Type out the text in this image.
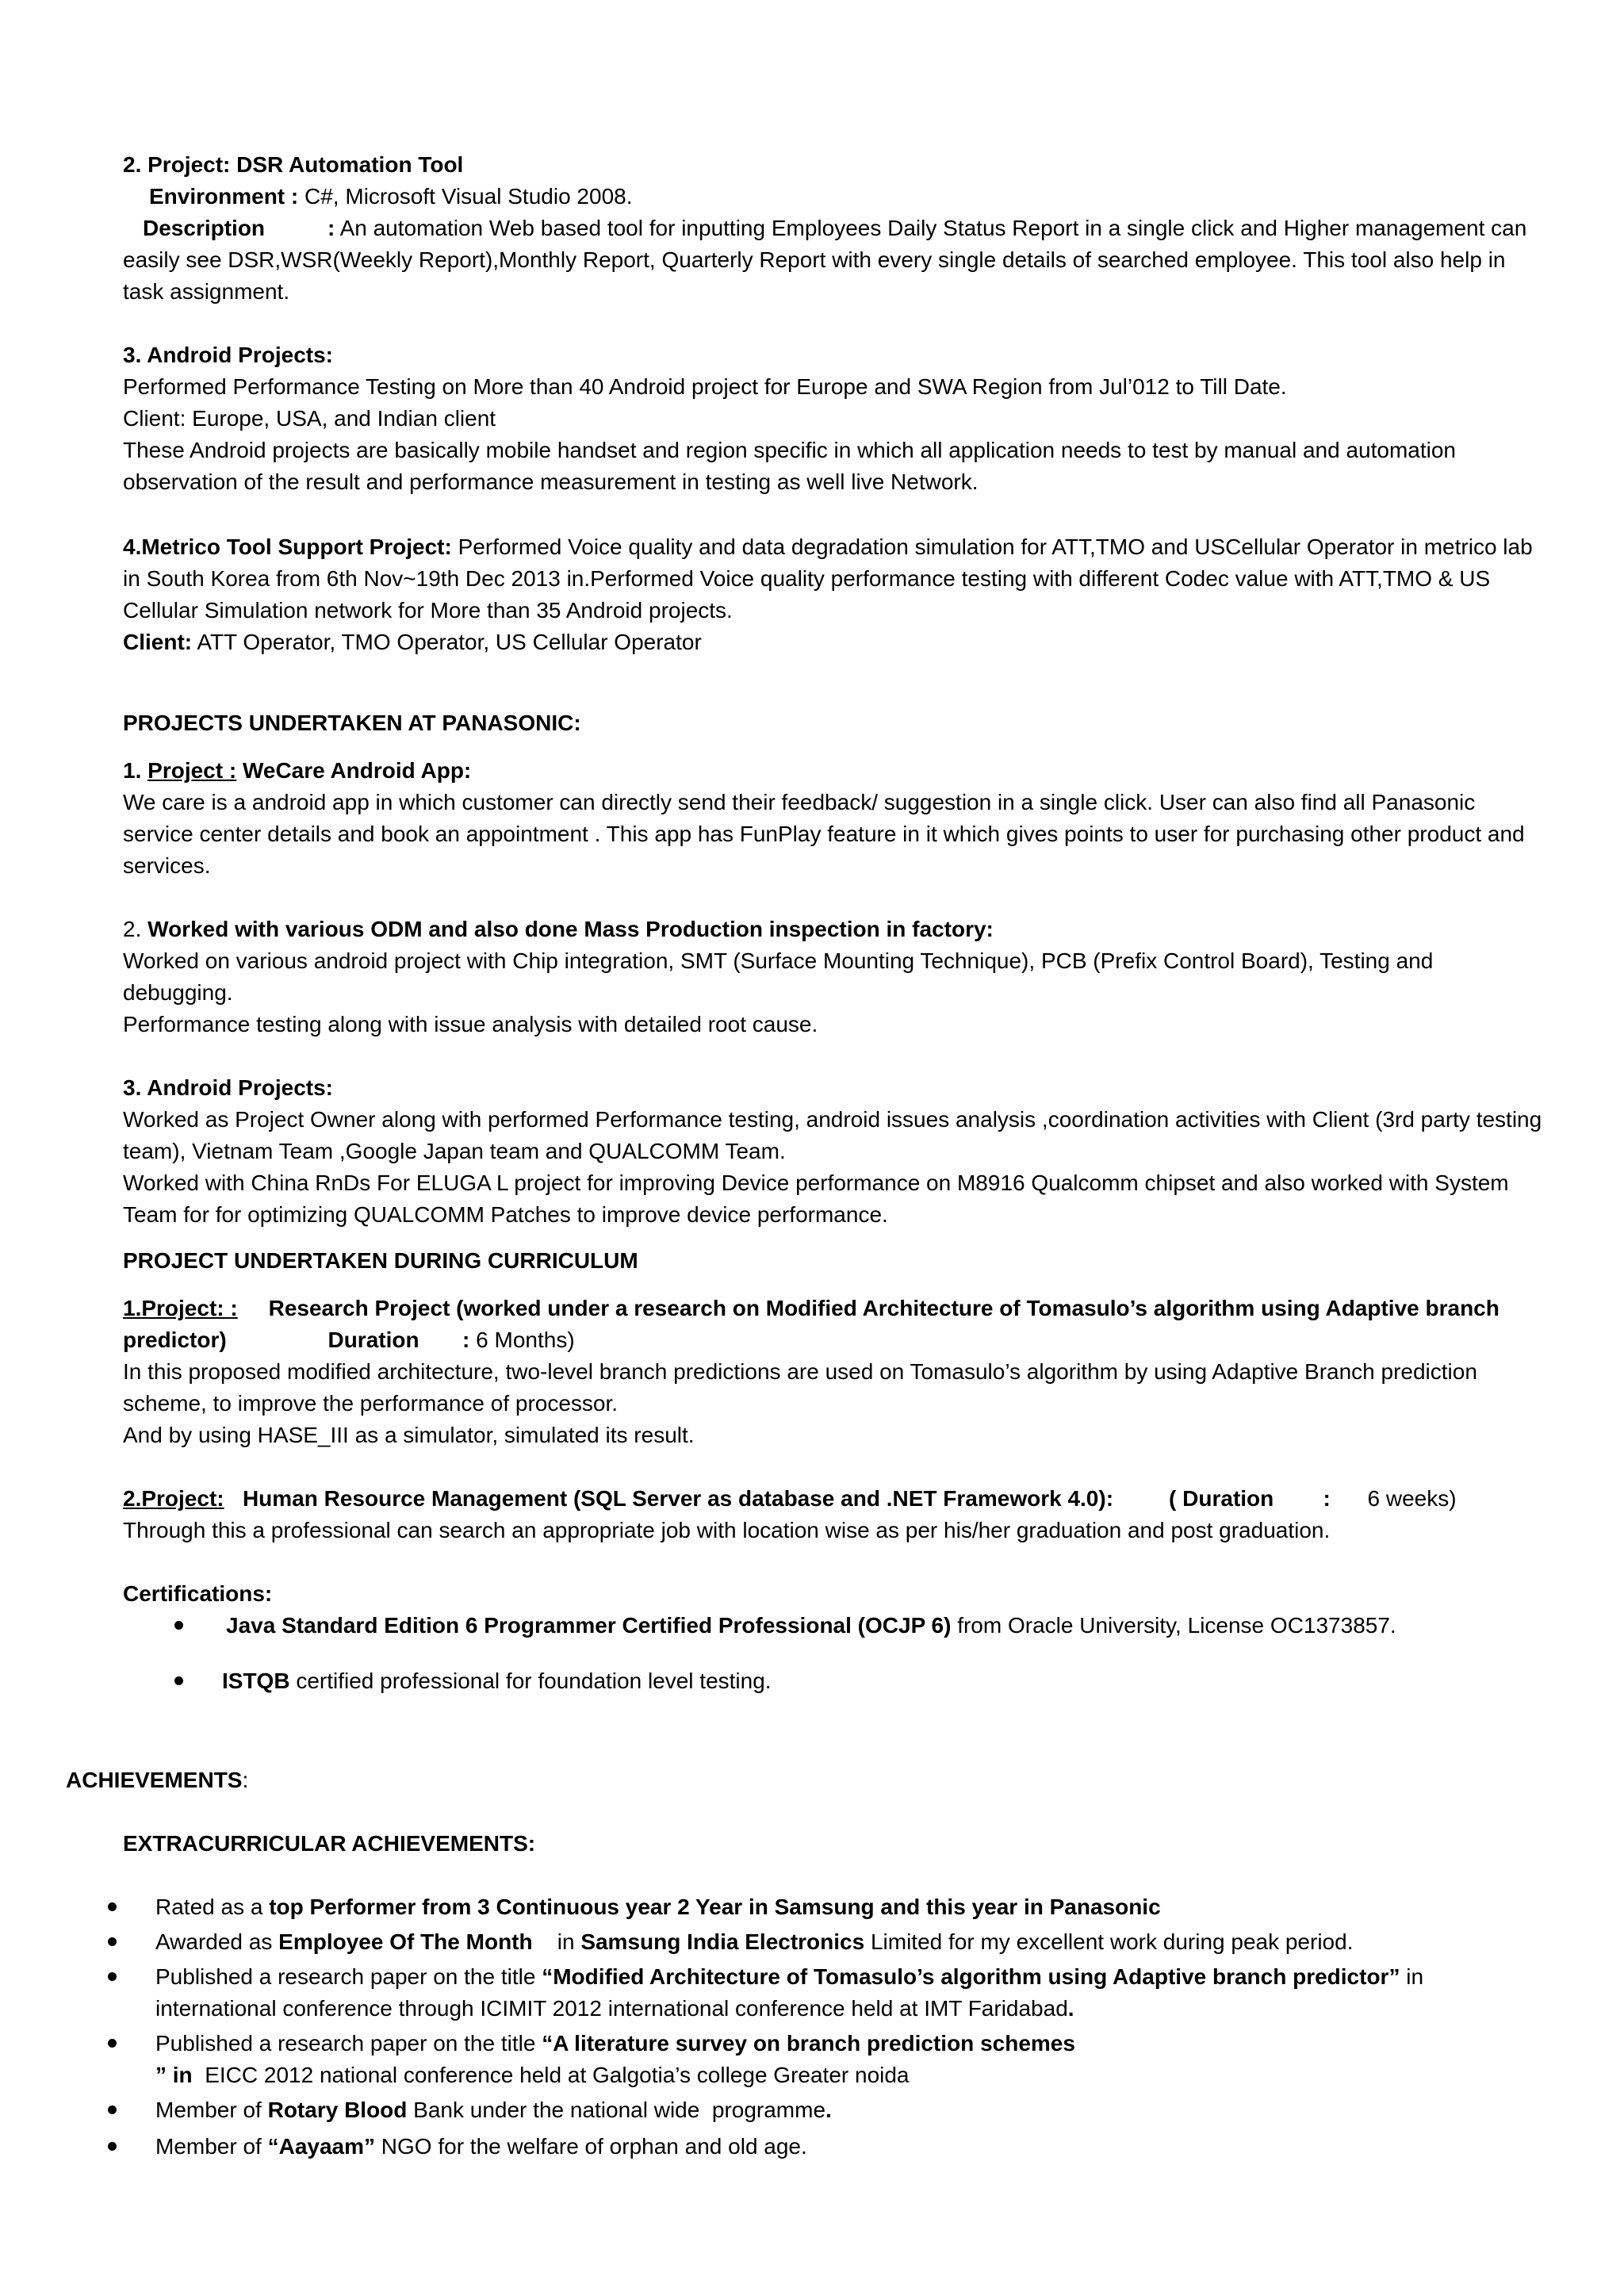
2. Project: DSR Automation Tool

Environment : C#, Microsoft Visual Studio 2008.

Description	: An automation Web based tool for inputting Employees Daily Status Report in a single click and Higher management can easily see DSR,WSR(Weekly Report),Monthly Report, Quarterly Report with every single details of searched employee. This tool also help in task assignment.

3. Android Projects:

Performed Performance Testing on More than 40 Android project for Europe and SWA Region from Jul’012 to Till Date.

Client: Europe, USA, and Indian client

These Android projects are basically mobile handset and region specific in which all application needs to test by manual and automation observation of the result and performance measurement in testing as well live Network.

4.Metrico Tool Support Project: Performed Voice quality and data degradation simulation for ATT,TMO and USCellular Operator in metrico lab in South Korea from 6th Nov~19th Dec 2013 in.Performed Voice quality performance testing with different Codec value with ATT,TMO & US Cellular Simulation network for More than 35 Android projects.

Client: ATT Operator, TMO Operator, US Cellular Operator

PROJECTS UNDERTAKEN AT PANASONIC:

1. Project : WeCare Android App:

We care is a android app in which customer can directly send their feedback/ suggestion in a single click. User can also find all Panasonic service center details and book an appointment . This app has FunPlay feature in it which gives points to user for purchasing other product and services.

2. Worked with various ODM and also done Mass Production inspection in factory:

Worked on various android project with Chip integration, SMT (Surface Mounting Technique), PCB (Prefix Control Board), Testing and debugging.

Performance testing along with issue analysis with detailed root cause.

3. Android Projects:

Worked as Project Owner along with performed Performance testing, android issues analysis ,coordination activities with Client (3rd party testing team), Vietnam Team ,Google Japan team and QUALCOMM Team.

Worked with China RnDs For ELUGA L project for improving Device performance on M8916 Qualcomm chipset and also worked with System Team for for optimizing QUALCOMM Patches to improve device performance.

PROJECT UNDERTAKEN DURING CURRICULUM

1.Project: : Research Project (worked under a research on Modified Architecture of Tomasulo’s algorithm using Adaptive branch predictor)	Duration : 6 Months)

In this proposed modified architecture, two-level branch predictions are used on Tomasulo’s algorithm by using Adaptive Branch prediction scheme, to improve the performance of processor.

And by using HASE_III as a simulator, simulated its result.

2.Project: Human Resource Management (SQL Server as database and .NET Framework 4.0):	( Duration : 6 weeks)

Through this a professional can search an appropriate job with location wise as per his/her graduation and post graduation.

Certifications:

Java Standard Edition 6 Programmer Certified Professional (OCJP 6) from Oracle University, License OC1373857.
ISTQB certified professional for foundation level testing.

ACHIEVEMENTS:

EXTRACURRICULAR ACHIEVEMENTS:

Rated as a top Performer from 3 Continuous year 2 Year in Samsung and this year in Panasonic
Awarded as Employee Of The Month    in Samsung India Electronics Limited for my excellent work during peak period.
Published a research paper on the title “Modified Architecture of Tomasulo’s algorithm using Adaptive branch predictor” in international conference through ICIMIT 2012 international conference held at IMT Faridabad.
Published a research paper on the title “A literature survey on branch prediction schemes
” in  EICC 2012 national conference held at Galgotia’s college Greater noida
Member of Rotary Blood Bank under the national wide  programme.
Member of “Aayaam” NGO for the welfare of orphan and old age.
